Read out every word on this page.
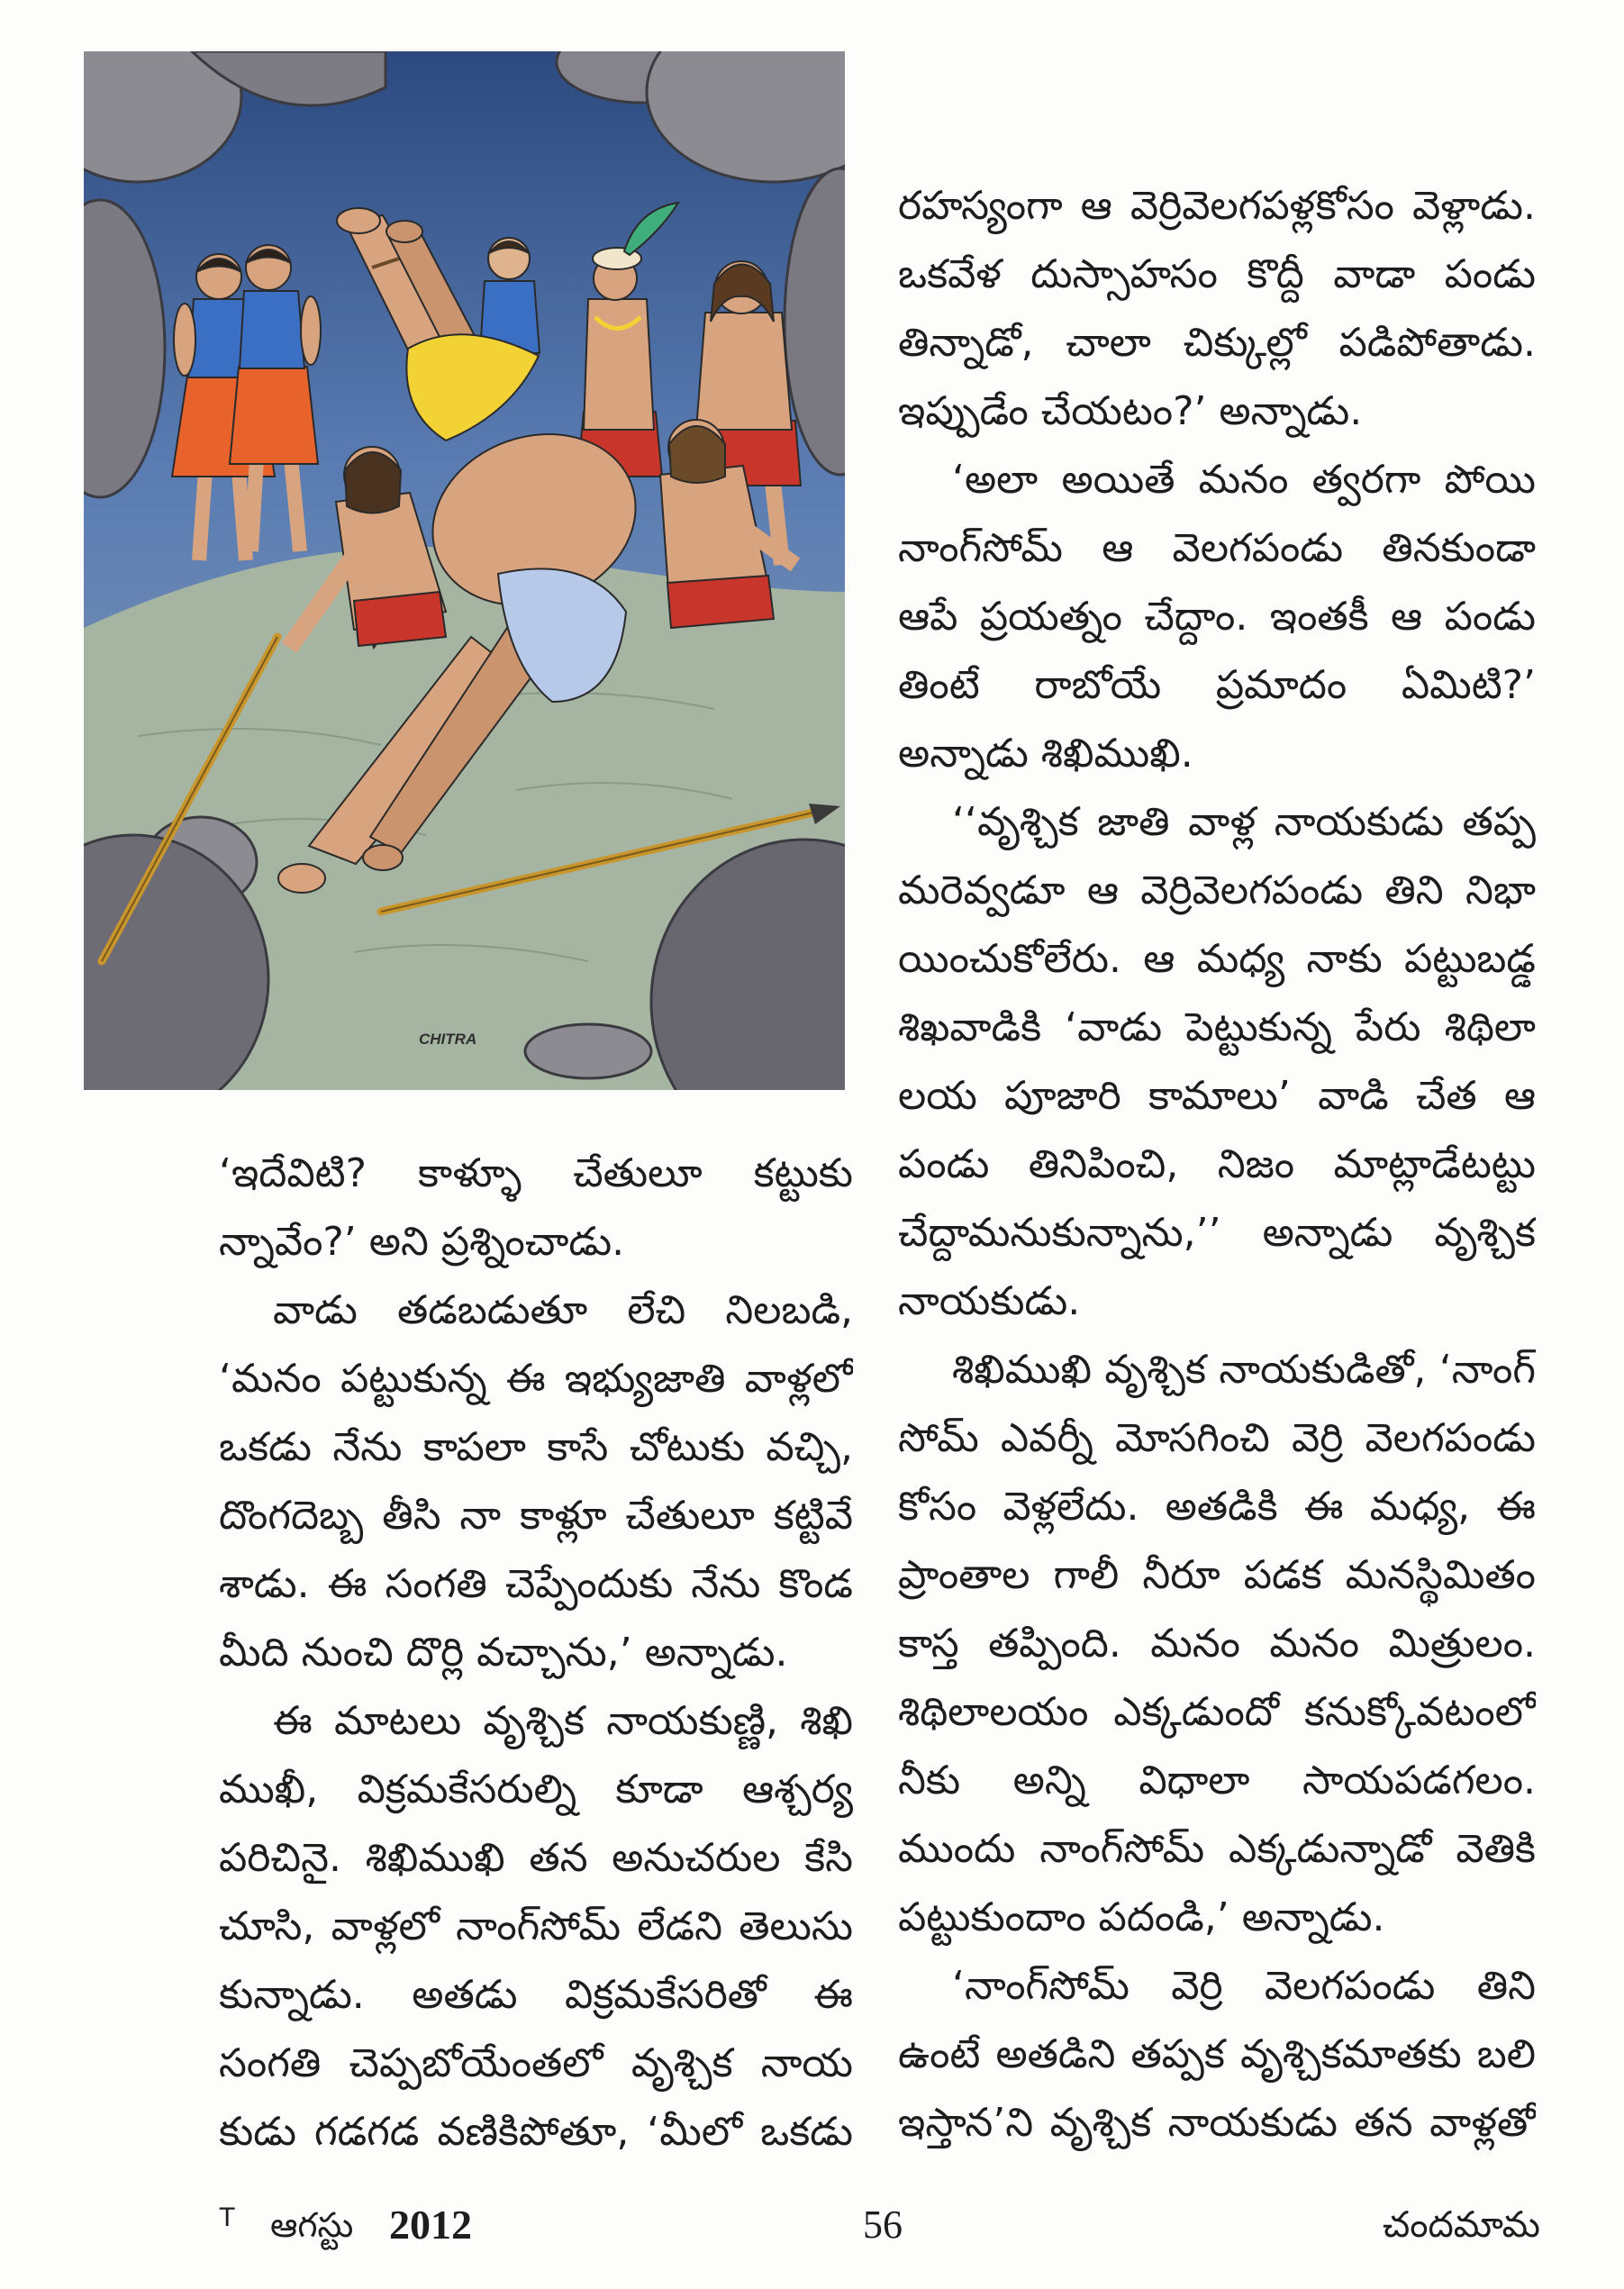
CHITRA
రహస్యంగా ఆ వెర్రివెలగపళ్లకోసం వెళ్లాడు.
ఒకవేళ దుస్సాహసం కొద్దీ వాడా పండు
తిన్నాడో, చాలా చిక్కుల్లో పడిపోతాడు.
ఇప్పుడేం చేయటం?’ అన్నాడు.
‘అలా అయితే మనం త్వరగా పోయి
నాంగ్‌సోమ్ ఆ వెలగపండు తినకుండా
ఆపే ప్రయత్నం చేద్దాం. ఇంతకీ ఆ పండు
తింటే రాబోయే ప్రమాదం ఏమిటి?’
అన్నాడు శిఖిముఖి.
‘‘వృశ్చిక జాతి వాళ్ల నాయకుడు తప్ప
మరెవ్వడూ ఆ వెర్రివెలగపండు తిని నిభా
యించుకోలేరు. ఆ మధ్య నాకు పట్టుబడ్డ
శిఖవాడికి ‘వాడు పెట్టుకున్న పేరు శిథిలా
లయ పూజారి కామాలు’ వాడి చేత ఆ
పండు తినిపించి, నిజం మాట్లాడేటట్టు
చేద్దామనుకున్నాను,’’ అన్నాడు వృశ్చిక
నాయకుడు.
శిఖిముఖి వృశ్చిక నాయకుడితో, ‘నాంగ్
సోమ్ ఎవర్నీ మోసగించి వెర్రి వెలగపండు
కోసం వెళ్లలేదు. అతడికి ఈ మధ్య, ఈ
ప్రాంతాల గాలీ నీరూ పడక మనస్థిమితం
కాస్త తప్పింది. మనం మనం మిత్రులం.
శిథిలాలయం ఎక్కడుందో కనుక్కోవటంలో
నీకు అన్ని విధాలా సాయపడగలం.
ముందు నాంగ్‌సోమ్ ఎక్కడున్నాడో వెతికి
పట్టుకుందాం పదండి,’ అన్నాడు.
‘నాంగ్‌సోమ్ వెర్రి వెలగపండు తిని
ఉంటే అతడిని తప్పక వృశ్చికమాతకు బలి
ఇస్తాన’ని వృశ్చిక నాయకుడు తన వాళ్లతో
‘ఇదేవిటి? కాళ్ళూ చేతులూ కట్టుకు
న్నావేం?’ అని ప్రశ్నించాడు.
వాడు తడబడుతూ లేచి నిలబడి,
‘మనం పట్టుకున్న ఈ ఇభ్యుజాతి వాళ్లలో
ఒకడు నేను కాపలా కాసే చోటుకు వచ్చి,
దొంగదెబ్బ తీసి నా కాళ్లూ చేతులూ కట్టివే
శాడు. ఈ సంగతి చెప్పేందుకు నేను కొండ
మీది నుంచి దొర్లి వచ్చాను,’ అన్నాడు.
ఈ మాటలు వృశ్చిక నాయకుణ్ణి, శిఖి
ముఖీ, విక్రమకేసరుల్ని కూడా ఆశ్చర్య
పరిచినై. శిఖిముఖి తన అనుచరుల కేసి
చూసి, వాళ్లలో నాంగ్‌సోమ్ లేడని తెలుసు
కున్నాడు. అతడు విక్రమకేసరితో ఈ
సంగతి చెప్పబోయేంతలో వృశ్చిక నాయ
కుడు గడగడ వణికిపోతూ, ‘మీలో ఒకడు
T ఆగస్టు 2012	56	చందమామ
